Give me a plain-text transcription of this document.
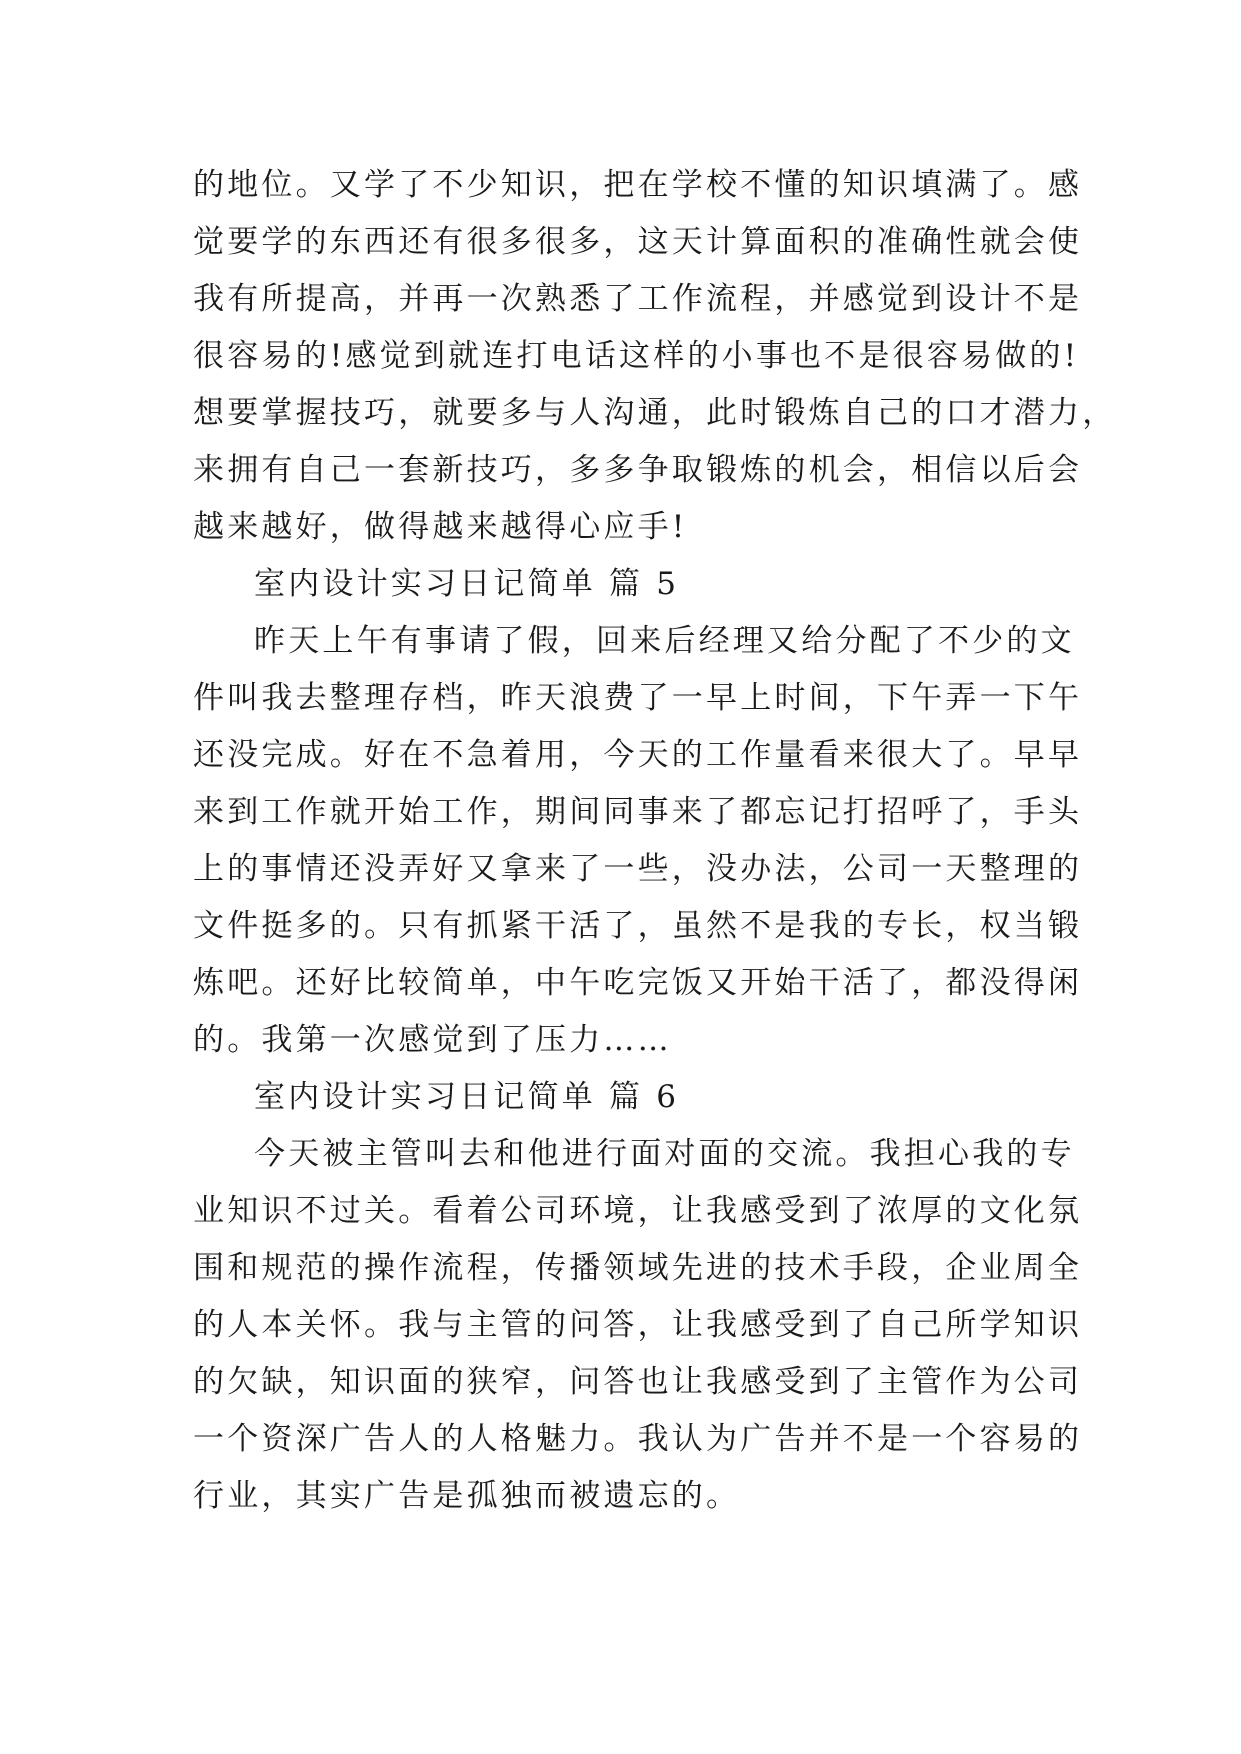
的地位。又学了不少知识，把在学校不懂的知识填满了。感
觉要学的东西还有很多很多，这天计算面积的准确性就会使
我有所提高，并再一次熟悉了工作流程，并感觉到设计不是
很容易的!感觉到就连打电话这样的小事也不是很容易做的!
想要掌握技巧，就要多与人沟通，此时锻炼自己的口才潜力，
来拥有自己一套新技巧，多多争取锻炼的机会，相信以后会
越来越好，做得越来越得心应手!
室内设计实习日记简单 篇 5
昨天上午有事请了假，回来后经理又给分配了不少的文
件叫我去整理存档，昨天浪费了一早上时间，下午弄一下午
还没完成。好在不急着用，今天的工作量看来很大了。早早
来到工作就开始工作，期间同事来了都忘记打招呼了，手头
上的事情还没弄好又拿来了一些，没办法，公司一天整理的
文件挺多的。只有抓紧干活了，虽然不是我的专长，权当锻
炼吧。还好比较简单，中午吃完饭又开始干活了，都没得闲
的。我第一次感觉到了压力……
室内设计实习日记简单 篇 6
今天被主管叫去和他进行面对面的交流。我担心我的专
业知识不过关。看着公司环境，让我感受到了浓厚的文化氛
围和规范的操作流程，传播领域先进的技术手段，企业周全
的人本关怀。我与主管的问答，让我感受到了自己所学知识
的欠缺，知识面的狭窄，问答也让我感受到了主管作为公司
一个资深广告人的人格魅力。我认为广告并不是一个容易的
行业，其实广告是孤独而被遗忘的。
